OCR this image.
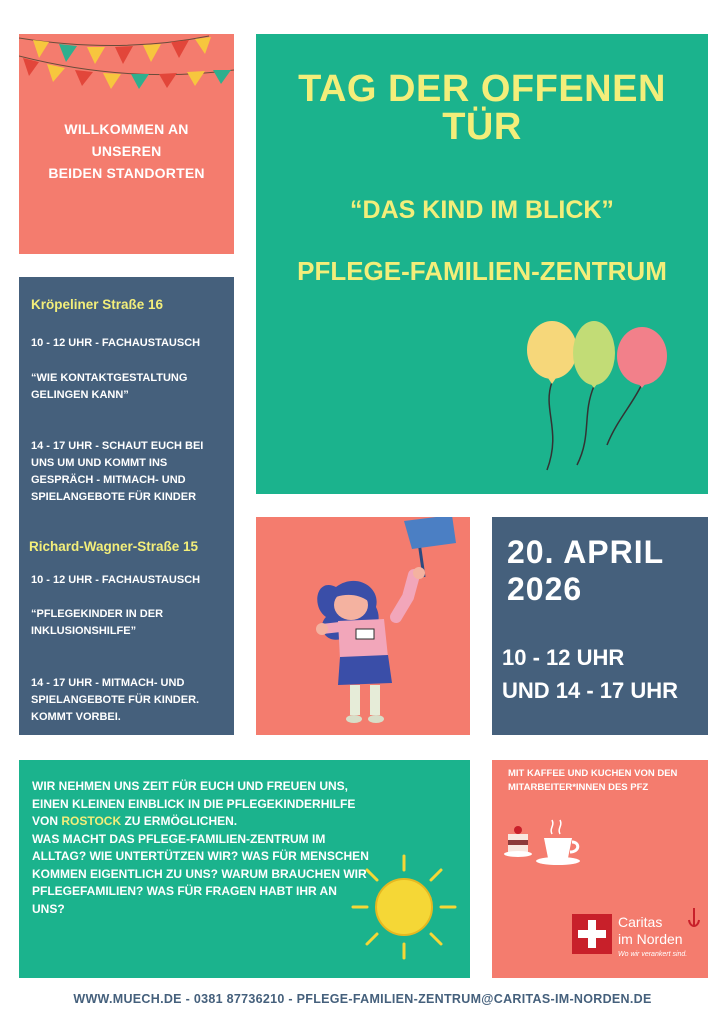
WILLKOMMEN AN
UNSEREN
BEIDEN STANDORTEN
TAG DER OFFENEN
TÜR
“DAS KIND IM BLICK”
PFLEGE-FAMILIEN-ZENTRUM
Kröpeliner Straße 16
10 - 12 UHR - FACHAUSTAUSCH
“WIE KONTAKTGESTALTUNG GELINGEN KANN”
14 - 17 UHR - SCHAUT EUCH BEI UNS UM UND KOMMT INS GESPRÄCH - MITMACH- UND SPIELANGEBOTE FÜR KINDER
Richard-Wagner-Straße 15
10 - 12 UHR - FACHAUSTAUSCH
“PFLEGEKINDER IN DER INKLUSIONSHILFE”
14 - 17 UHR - MITMACH- UND SPIELANGEBOTE FÜR KINDER. KOMMT VORBEI.
20. APRIL
2026
10 - 12 UHR
UND 14 - 17 UHR
WIR NEHMEN UNS ZEIT FÜR EUCH UND FREUEN UNS, EINEN KLEINEN EINBLICK IN DIE PFLEGEKINDERHILFE VON ROSTOCK ZU ERMÖGLICHEN.
WAS MACHT DAS PFLEGE-FAMILIEN-ZENTRUM IM ALLTAG? WIE UNTERTÜTZEN WIR? WAS FÜR MENSCHEN KOMMEN EIGENTLICH ZU UNS? WARUM BRAUCHEN WIR PFLEGEFAMILIEN? WAS FÜR FRAGEN HABT IHR AN UNS?
MIT KAFFEE UND KUCHEN VON DEN MITARBEITER*INNEN DES PFZ
Caritas
im Norden
Wo wir verankert sind.
WWW.MUECH.DE - 0381 87736210 - PFLEGE-FAMILIEN-ZENTRUM@CARITAS-IM-NORDEN.DE
